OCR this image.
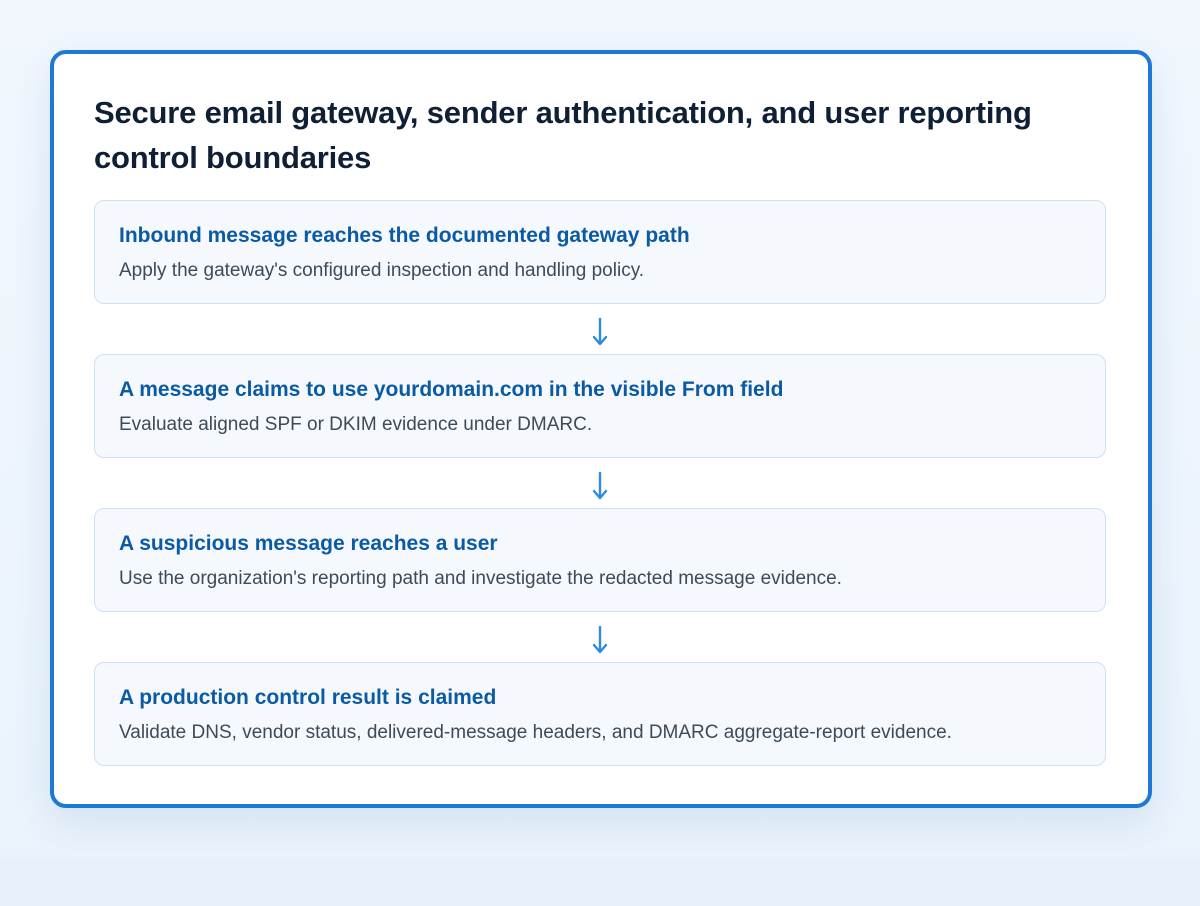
Secure email gateway, sender authentication, and user reporting control boundaries

Inbound message reaches the documented gateway path

Apply the gateway's configured inspection and handling policy.

A message claims to use yourdomain.com in the visible From field

Evaluate aligned SPF or DKIM evidence under DMARC.

A suspicious message reaches a user

Use the organization's reporting path and investigate the redacted message evidence.

A production control result is claimed

Validate DNS, vendor status, delivered-message headers, and DMARC aggregate-report evidence.
